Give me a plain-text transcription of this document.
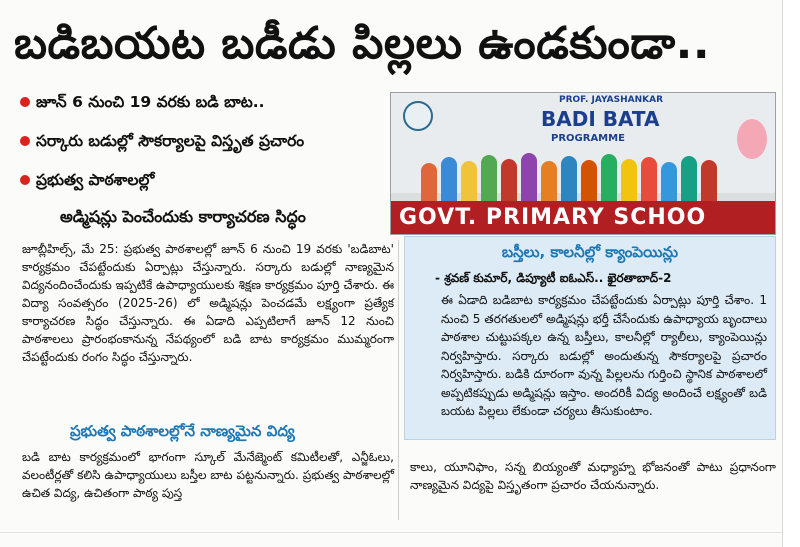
బడిబయట బడీడు పిల్లలు ఉండకుండా..
జూన్ 6 నుంచి 19 వరకు బడి బాట..
సర్కారు బడుల్లో సౌకర్యాలపై విస్తృత ప్రచారం
ప్రభుత్వ పాఠశాలల్లో
అడ్మిషన్లు పెంచేందుకు కార్యాచరణ సిద్ధం
PROF. JAYASHANKAR
BADI BATA
PROGRAMME
GOVT. PRIMARY SCHOO

జూబ్లీహిల్స్, మే 25: ప్రభుత్వ పాఠశాలల్లో జూన్ 6 నుంచి 19 వరకు 'బడిబాట' కార్యక్రమం చేపట్టేందుకు ఏర్పాట్లు చేస్తున్నారు. సర్కారు బడుల్లో నాణ్యమైన విద్యనందించేందుకు ఇప్పటికే ఉపాధ్యాయులకు శిక్షణ కార్యక్రమం పూర్తి చేశారు. ఈ విద్యా సంవత్సరం (2025-26) లో అడ్మిషన్లు పెంచడమే లక్ష్యంగా ప్రత్యేక కార్యాచరణ సిద్ధం చేస్తున్నారు. ఈ ఏడాది ఎప్పటిలాగే జూన్ 12 నుంచి పాఠశాలలు ప్రారంభంకానున్న నేపథ్యంలో బడి బాట కార్యక్రమం ముమ్మరంగా చేపట్టేందుకు రంగం సిద్ధం చేస్తున్నారు.

ప్రభుత్వ పాఠశాలల్లోనే నాణ్యమైన విద్య

బడి బాట కార్యక్రమంలో భాగంగా స్కూల్ మేనేజ్మెంట్ కమిటీలతో, ఎన్జీఓలు, వలంటీర్లతో కలిసి ఉపాధ్యాయులు బస్తీల బాట పట్టనున్నారు. ప్రభుత్వ పాఠశాలల్లో ఉచిత విద్య, ఉచితంగా పాఠ్య పుస్త

బస్తీలు, కాలనీల్లో క్యాంపెయిన్లు
- శ్రవణ్ కుమార్, డిప్యూటీ ఐఓఎస్.. ఖైరతాబాద్-2
ఈ ఏడాది బడిబాట కార్యక్రమం చేపట్టేందుకు ఏర్పాట్లు పూర్తి చేశాం. 1 నుంచి 5 తరగతులలో అడ్మిషన్లు భర్తీ చేసేందుకు ఉపాధ్యాయ బృందాలు పాఠశాల చుట్టుపక్కల ఉన్న బస్తీలు, కాలనీల్లో ర్యాలీలు, క్యాంపెయిన్లు నిర్వహిస్తారు. సర్కారు బడుల్లో అందుతున్న సౌకర్యాలపై ప్రచారం నిర్వహిస్తారు. బడికి దూరంగా వున్న పిల్లలను గుర్తించి స్థానిక పాఠశాలలో అప్పటికప్పుడు అడ్మిషన్లు ఇస్తాం. అందరికీ విద్య అందించే లక్ష్యంతో బడి బయట పిల్లలు లేకుండా చర్యలు తీసుకుంటాం.
కాలు, యూనిఫాం, సన్న బియ్యంతో మధ్యాహ్న భోజనంతో పాటు ప్రధానంగా నాణ్యమైన విద్యపై విస్తృతంగా ప్రచారం చేయనున్నారు.
